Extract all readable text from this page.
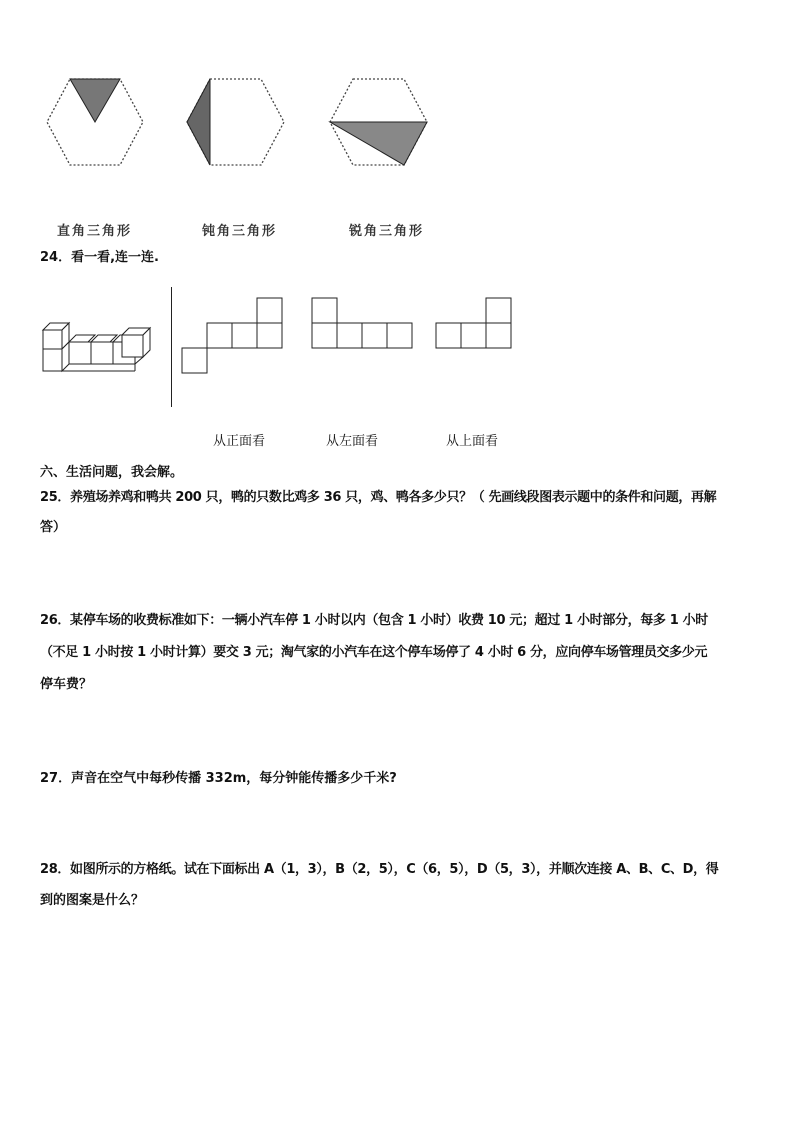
直角三角形	钝角三角形	锐角三角形
24．看一看,连一连.
从正面看	从左面看	从上面看
六、生活问题，我会解。
25．养殖场养鸡和鸭共 200 只，鸭的只数比鸡多 36 只，鸡、鸭各多少只？（ 先画线段图表示题中的条件和问题，再解
答）
26．某停车场的收费标准如下：一辆小汽车停 1 小时以内（包含 1 小时）收费 10 元；超过 1 小时部分，每多 1 小时
（不足 1 小时按 1 小时计算）要交 3 元；淘气家的小汽车在这个停车场停了 4 小时 6 分，应向停车场管理员交多少元
停车费？
27．声音在空气中每秒传播 332m，每分钟能传播多少千米?
28．如图所示的方格纸。试在下面标出 A（1，3），B（2，5），C（6，5），D（5，3），并顺次连接 A、B、C、D，得
到的图案是什么？
